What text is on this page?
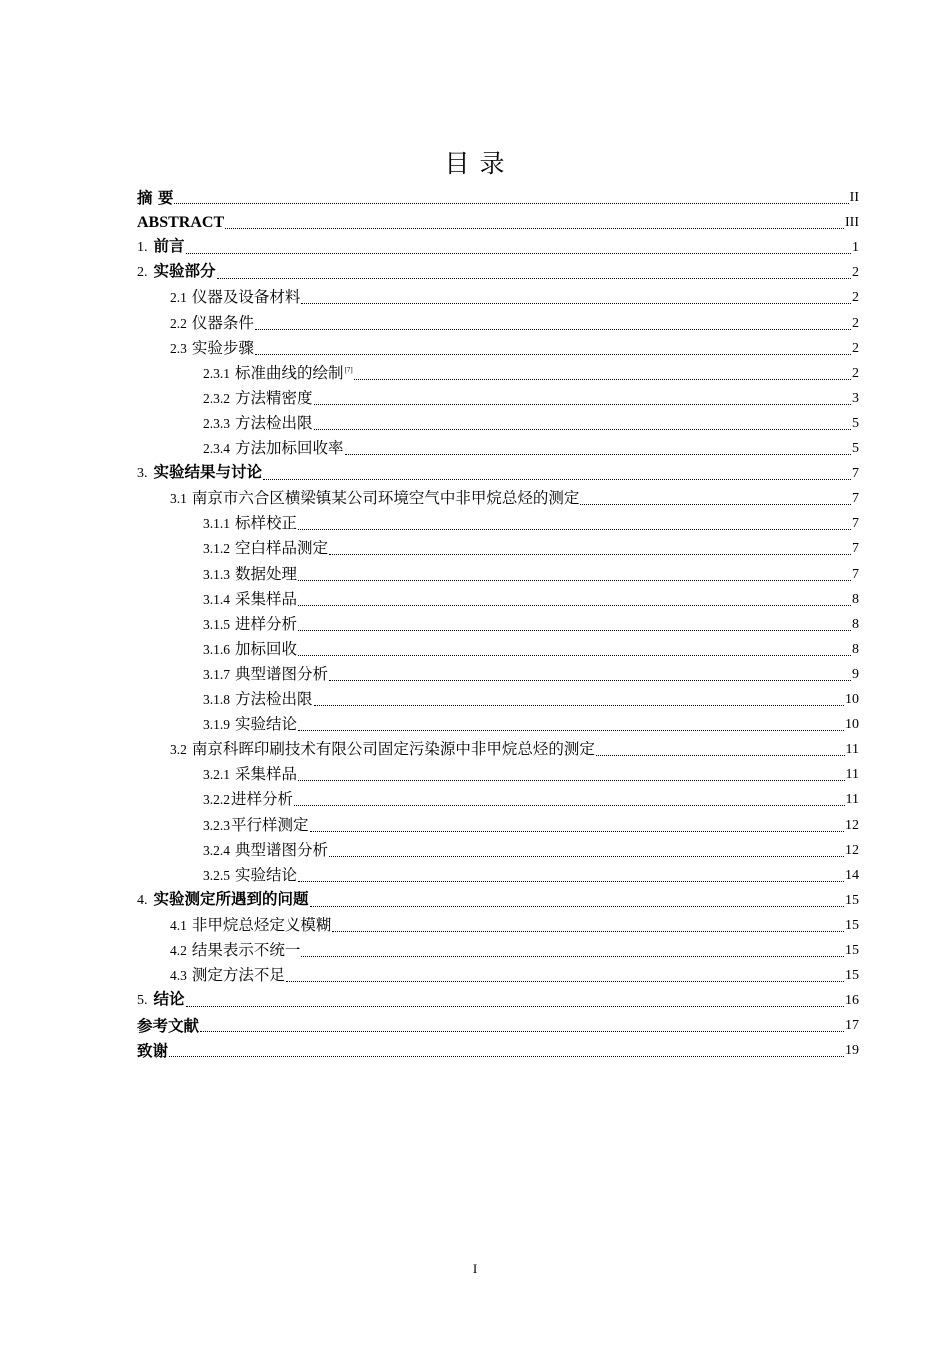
目 录
摘 要	II
ABSTRACT	III
1. 前言	1
2. 实验部分	2
2.1 仪器及设备材料	2
2.2 仪器条件	2
2.3 实验步骤	2
2.3.1 标准曲线的绘制[7]	2
2.3.2 方法精密度	3
2.3.3 方法检出限	5
2.3.4 方法加标回收率	5
3. 实验结果与讨论	7
3.1 南京市六合区横梁镇某公司环境空气中非甲烷总烃的测定	7
3.1.1 标样校正	7
3.1.2 空白样品测定	7
3.1.3 数据处理	7
3.1.4 采集样品	8
3.1.5 进样分析	8
3.1.6 加标回收	8
3.1.7 典型谱图分析	9
3.1.8 方法检出限	10
3.1.9 实验结论	10
3.2 南京科晖印刷技术有限公司固定污染源中非甲烷总烃的测定	11
3.2.1 采集样品	11
3.2.2进样分析	11
3.2.3平行样测定	12
3.2.4 典型谱图分析	12
3.2.5 实验结论	14
4. 实验测定所遇到的问题	15
4.1 非甲烷总烃定义模糊	15
4.2 结果表示不统一	15
4.3 测定方法不足	15
5. 结论	16
参考文献	17
致谢	19
I
